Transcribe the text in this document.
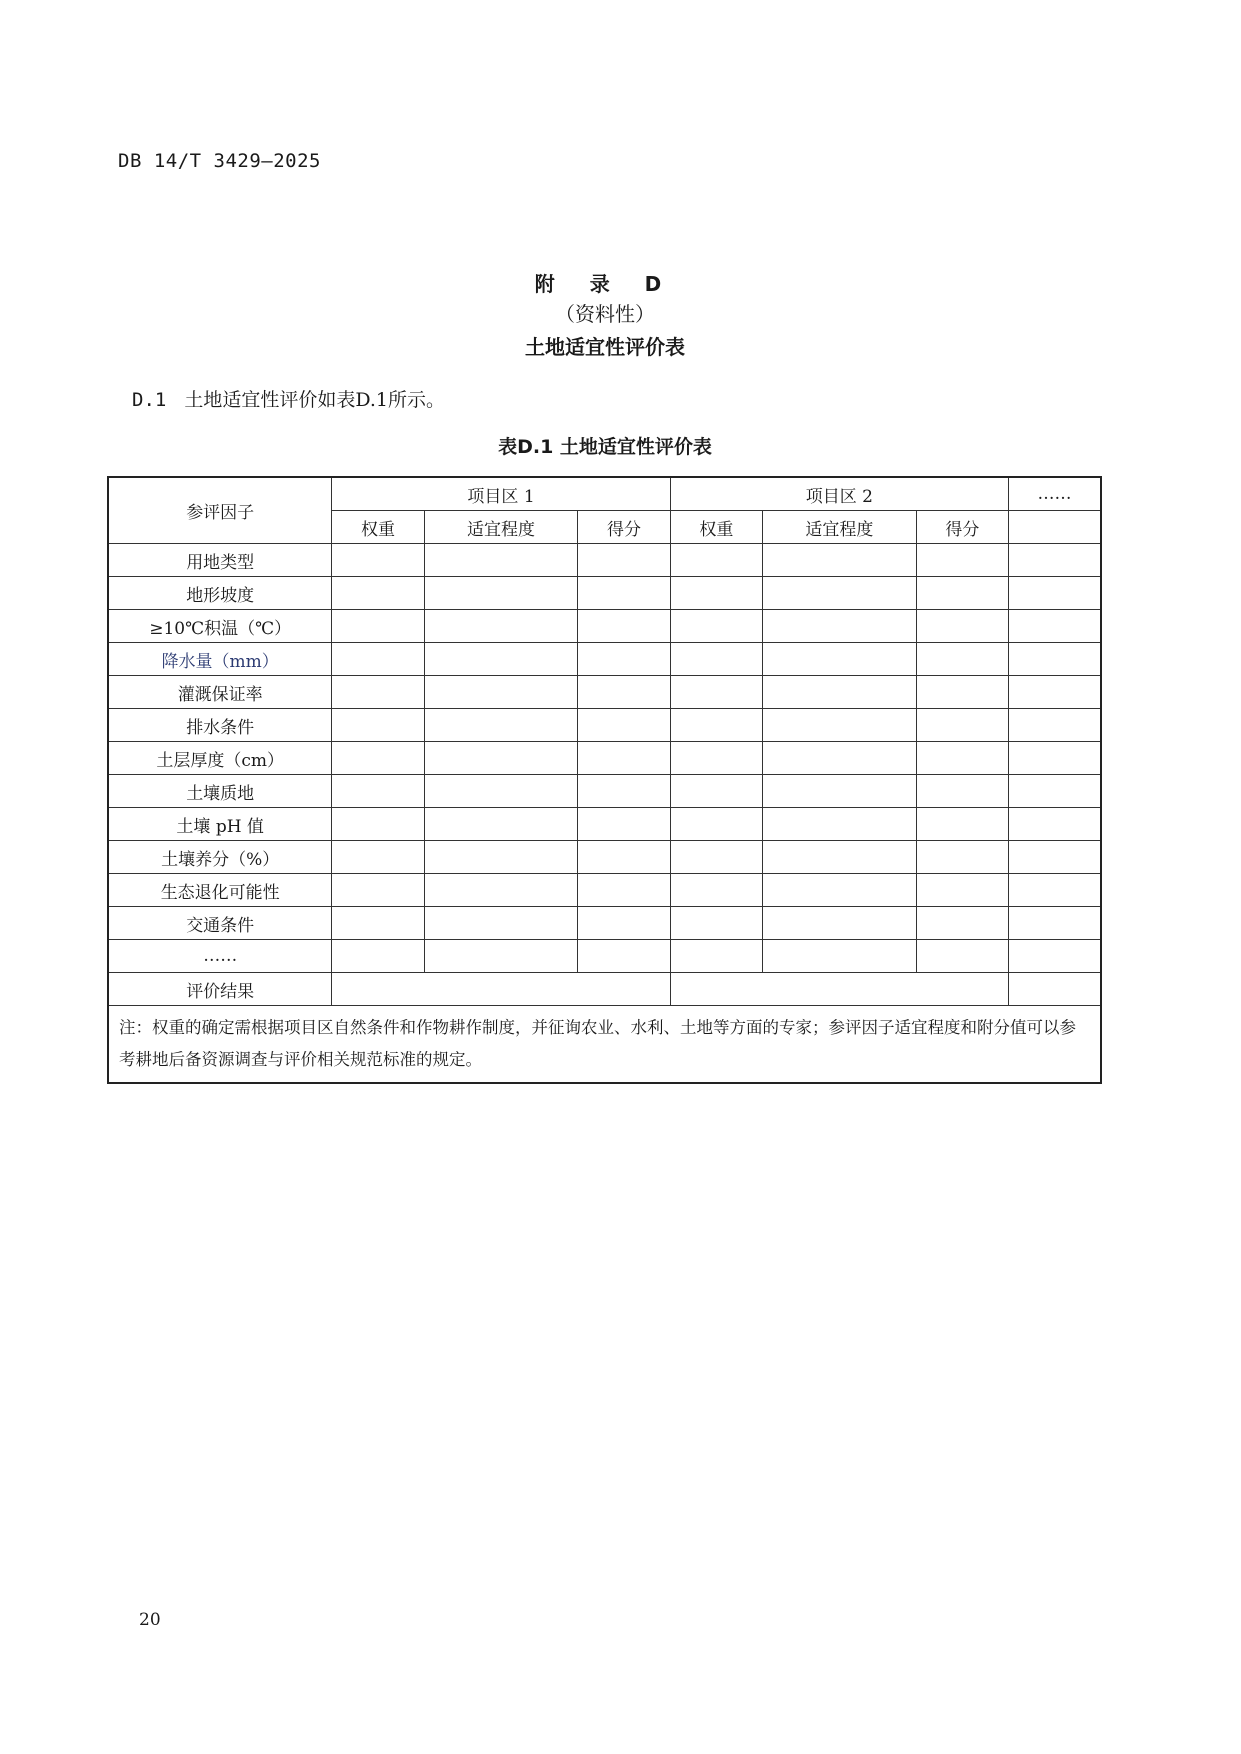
DB 14/T 3429—2025
附 录 D
（资料性）
土地适宜性评价表
D.1 土地适宜性评价如表D.1所示。
表D.1 土地适宜性评价表
参评因子	项目区 1			项目区 2			……
	权重	适宜程度	得分	权重	适宜程度	得分	
用地类型							
地形坡度							
≥10℃积温（℃）							
降水量（mm）							
灌溉保证率							
排水条件							
土层厚度（cm）							
土壤质地							
土壤 pH 值							
土壤养分（%）							
生态退化可能性							
交通条件							
……							
评价结果							
注：权重的确定需根据项目区自然条件和作物耕作制度，并征询农业、水利、土地等方面的专家；参评因子适宜程度和附分值可以参考耕地后备资源调查与评价相关规范标准的规定。							
20
